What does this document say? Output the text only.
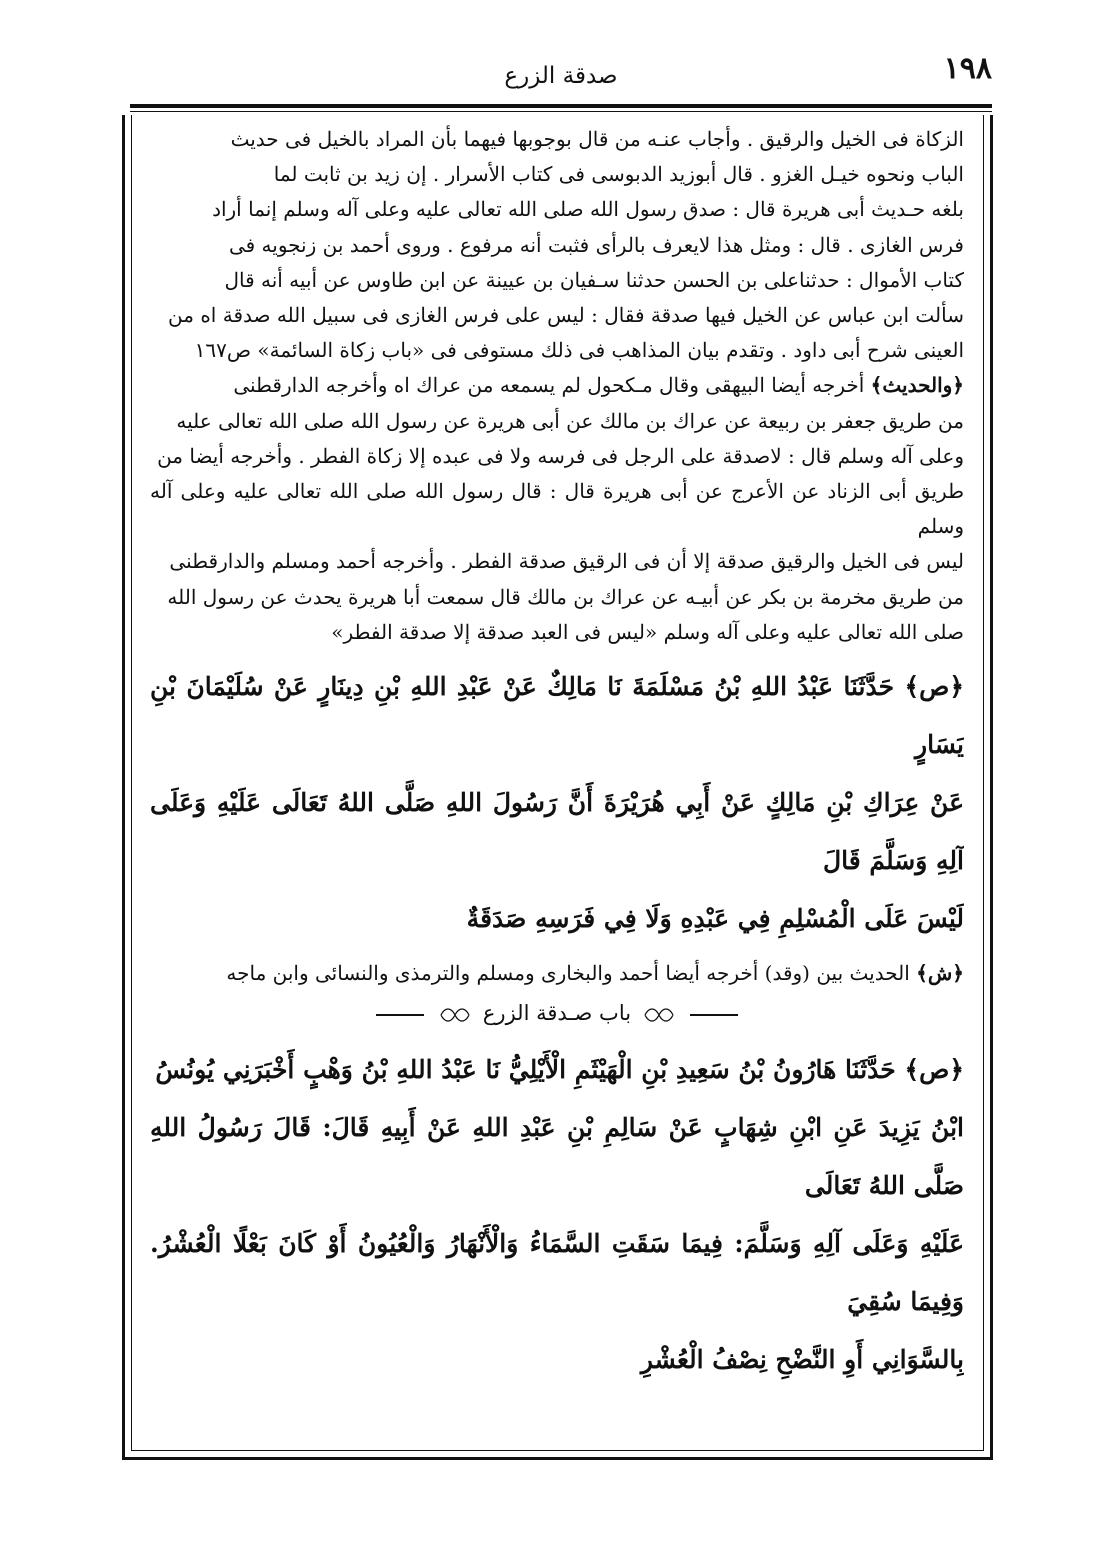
١٩٨
صدقة الزرع

الزكاة فى الخيل والرقيق . وأجاب عنـه من قال بوجوبها فيهما بأن المراد بالخيل فى حديث

الباب ونحوه خيـل الغزو . قال أبوزيد الدبوسى فى كتاب الأسرار . إن زيد بن ثابت لما

بلغه حـديث أبى هريرة قال : صدق رسول الله صلى الله تعالى عليه وعلى آله وسلم إنما أراد

فرس الغازى . قال : ومثل هذا لايعرف بالرأى فثبت أنه مرفوع . وروى أحمد بن زنجويه فى

كتاب الأموال : حدثناعلى بن الحسن حدثنا سـفيان بن عيينة عن ابن طاوس عن أبيه أنه قال

سألت ابن عباس عن الخيل فيها صدقة فقال : ليس على فرس الغازى فى سبيل الله صدقة اه من

العينى شرح أبى داود . وتقدم بيان المذاهب فى ذلك مستوفى فى «باب زكاة السائمة» ص١٦٧

﴿والحديث﴾ أخرجه أيضا البيهقى وقال مـكحول لم يسمعه من عراك اه وأخرجه الدارقطنى

من طريق جعفر بن ربيعة عن عراك بن مالك عن أبى هريرة عن رسول الله صلى الله تعالى عليه

وعلى آله وسلم قال : لاصدقة على الرجل فى فرسه ولا فى عبده إلا زكاة الفطر . وأخرجه أيضا من

طريق أبى الزناد عن الأعرج عن أبى هريرة قال : قال رسول الله صلى الله تعالى عليه وعلى آله وسلم

ليس فى الخيل والرقيق صدقة إلا أن فى الرقيق صدقة الفطر . وأخرجه أحمد ومسلم والدارقطنى

من طريق مخرمة بن بكر عن أبيـه عن عراك بن مالك قال سمعت أبا هريرة يحدث عن رسول الله

صلى الله تعالى عليه وعلى آله وسلم «ليس فى العبد صدقة إلا صدقة الفطر»

﴿ص﴾ حَدَّثَنَا عَبْدُ اللهِ بْنُ مَسْلَمَةَ نَا مَالِكٌ عَنْ عَبْدِ اللهِ بْنِ دِينَارٍ عَنْ سُلَيْمَانَ بْنِ يَسَارٍ
عَنْ عِرَاكِ بْنِ مَالِكٍ عَنْ أَبِي هُرَيْرَةَ أَنَّ رَسُولَ اللهِ صَلَّى اللهُ تَعَالَى عَلَيْهِ وَعَلَى آلِهِ وَسَلَّمَ قَالَ
لَيْسَ عَلَى الْمُسْلِمِ فِي عَبْدِهِ وَلَا فِي فَرَسِهِ صَدَقَةٌ

﴿ش﴾ الحديث بين (وقد) أخرجه أيضا أحمد والبخارى ومسلم والترمذى والنسائى وابن ماجه

باب صـدقة الزرع
﴿ص﴾ حَدَّثَنَا هَارُونُ بْنُ سَعِيدِ بْنِ الْهَيْثَمِ الْأَيْلِيُّ نَا عَبْدُ اللهِ بْنُ وَهْبٍ أَخْبَرَنِي يُونُسُ
ابْنُ يَزِيدَ عَنِ ابْنِ شِهَابٍ عَنْ سَالِمِ بْنِ عَبْدِ اللهِ عَنْ أَبِيهِ قَالَ: قَالَ رَسُولُ اللهِ صَلَّى اللهُ تَعَالَى
عَلَيْهِ وَعَلَى آلِهِ وَسَلَّمَ: فِيمَا سَقَتِ السَّمَاءُ وَالْأَنْهَارُ وَالْعُيُونُ أَوْ كَانَ بَعْلًا الْعُشْرُ. وَفِيمَا سُقِيَ
بِالسَّوَانِي أَوِ النَّضْحِ نِصْفُ الْعُشْرِ
